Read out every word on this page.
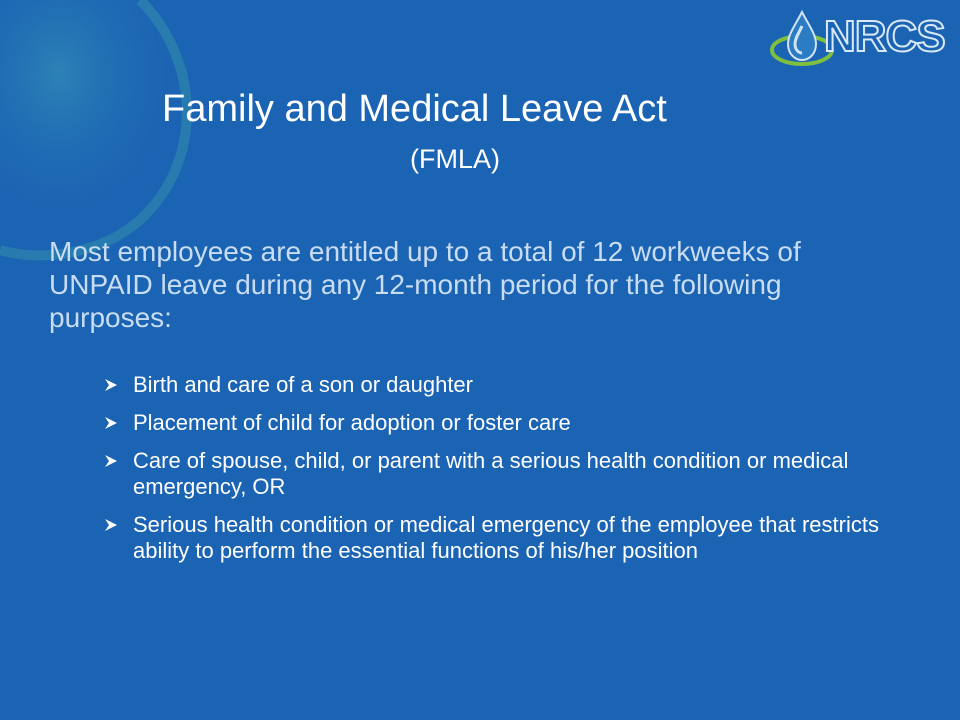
NRCS
Family and Medical Leave Act
(FMLA)
Most employees are entitled up to a total of 12 workweeks of UNPAID leave during any 12-month period for the following purposes:
Birth and care of a son or daughter
Placement of child for adoption or foster care
Care of spouse, child, or parent with a serious health condition or medical emergency, OR
Serious health condition or medical emergency of the employee that restricts ability to perform the essential functions of his/her position
